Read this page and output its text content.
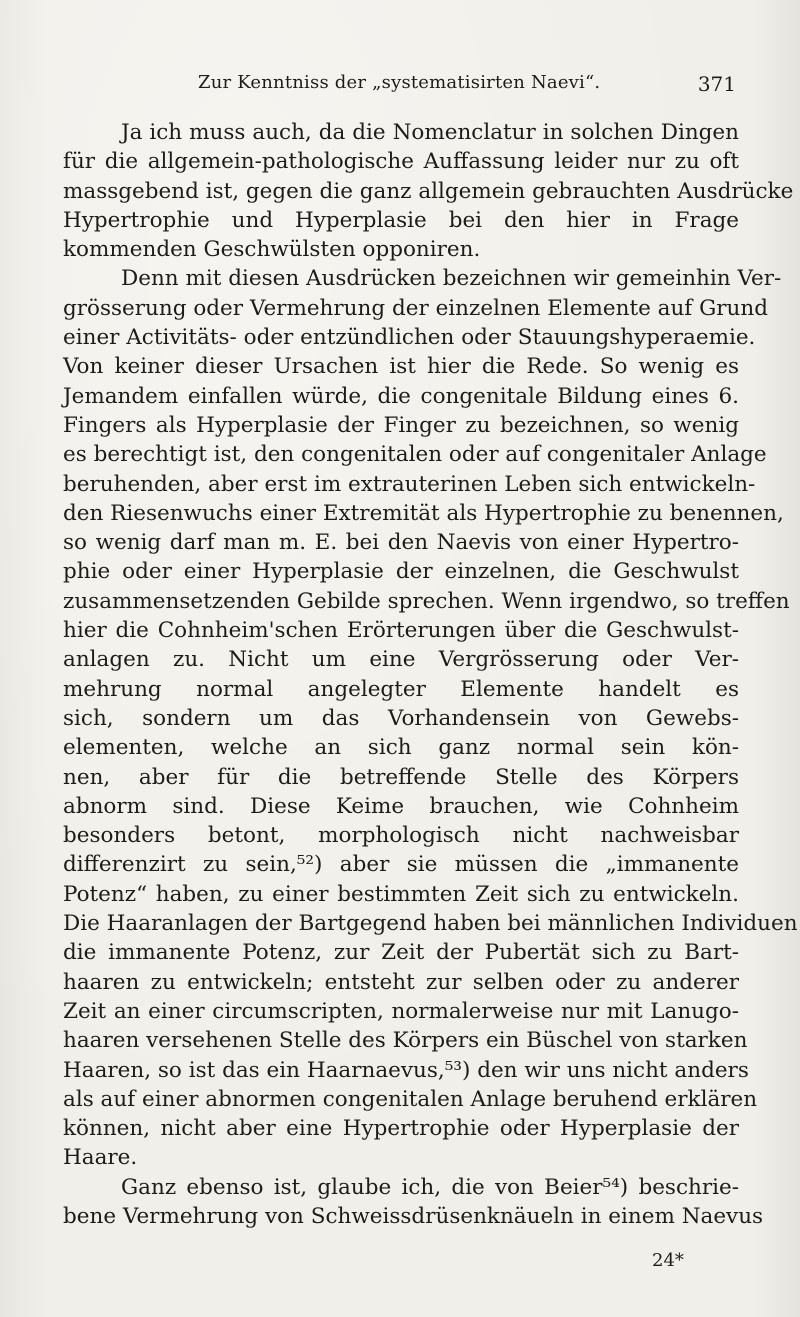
Zur Kenntniss der „systematisirten Naevi“.	371
Ja ich muss auch, da die Nomenclatur in solchen Dingen
für die allgemein-pathologische Auffassung leider nur zu oft
massgebend ist, gegen die ganz allgemein gebrauchten Ausdrücke
Hypertrophie und Hyperplasie bei den hier in Frage
kommenden Geschwülsten opponiren.
Denn mit diesen Ausdrücken bezeichnen wir gemeinhin Ver-
grösserung oder Vermehrung der einzelnen Elemente auf Grund
einer Activitäts- oder entzündlichen oder Stauungshyperaemie.
Von keiner dieser Ursachen ist hier die Rede. So wenig es
Jemandem einfallen würde, die congenitale Bildung eines 6.
Fingers als Hyperplasie der Finger zu bezeichnen, so wenig
es berechtigt ist, den congenitalen oder auf congenitaler Anlage
beruhenden, aber erst im extrauterinen Leben sich entwickeln-
den Riesenwuchs einer Extremität als Hypertrophie zu benennen,
so wenig darf man m. E. bei den Naevis von einer Hypertro-
phie oder einer Hyperplasie der einzelnen, die Geschwulst
zusammensetzenden Gebilde sprechen. Wenn irgendwo, so treffen
hier die Cohnheim'schen Erörterungen über die Geschwulst-
anlagen zu. Nicht um eine Vergrösserung oder Ver-
mehrung normal angelegter Elemente handelt es
sich, sondern um das Vorhandensein von Gewebs-
elementen, welche an sich ganz normal sein kön-
nen, aber für die betreffende Stelle des Körpers
abnorm sind. Diese Keime brauchen, wie Cohnheim
besonders betont, morphologisch nicht nachweisbar
differenzirt zu sein,⁵²) aber sie müssen die „immanente
Potenz“ haben, zu einer bestimmten Zeit sich zu entwickeln.
Die Haaranlagen der Bartgegend haben bei männlichen Individuen
die immanente Potenz, zur Zeit der Pubertät sich zu Bart-
haaren zu entwickeln; entsteht zur selben oder zu anderer
Zeit an einer circumscripten, normalerweise nur mit Lanugo-
haaren versehenen Stelle des Körpers ein Büschel von starken
Haaren, so ist das ein Haarnaevus,⁵³) den wir uns nicht anders
als auf einer abnormen congenitalen Anlage beruhend erklären
können, nicht aber eine Hypertrophie oder Hyperplasie der
Haare.
Ganz ebenso ist, glaube ich, die von Beier⁵⁴) beschrie-
bene Vermehrung von Schweissdrüsenknäueln in einem Naevus
24*
